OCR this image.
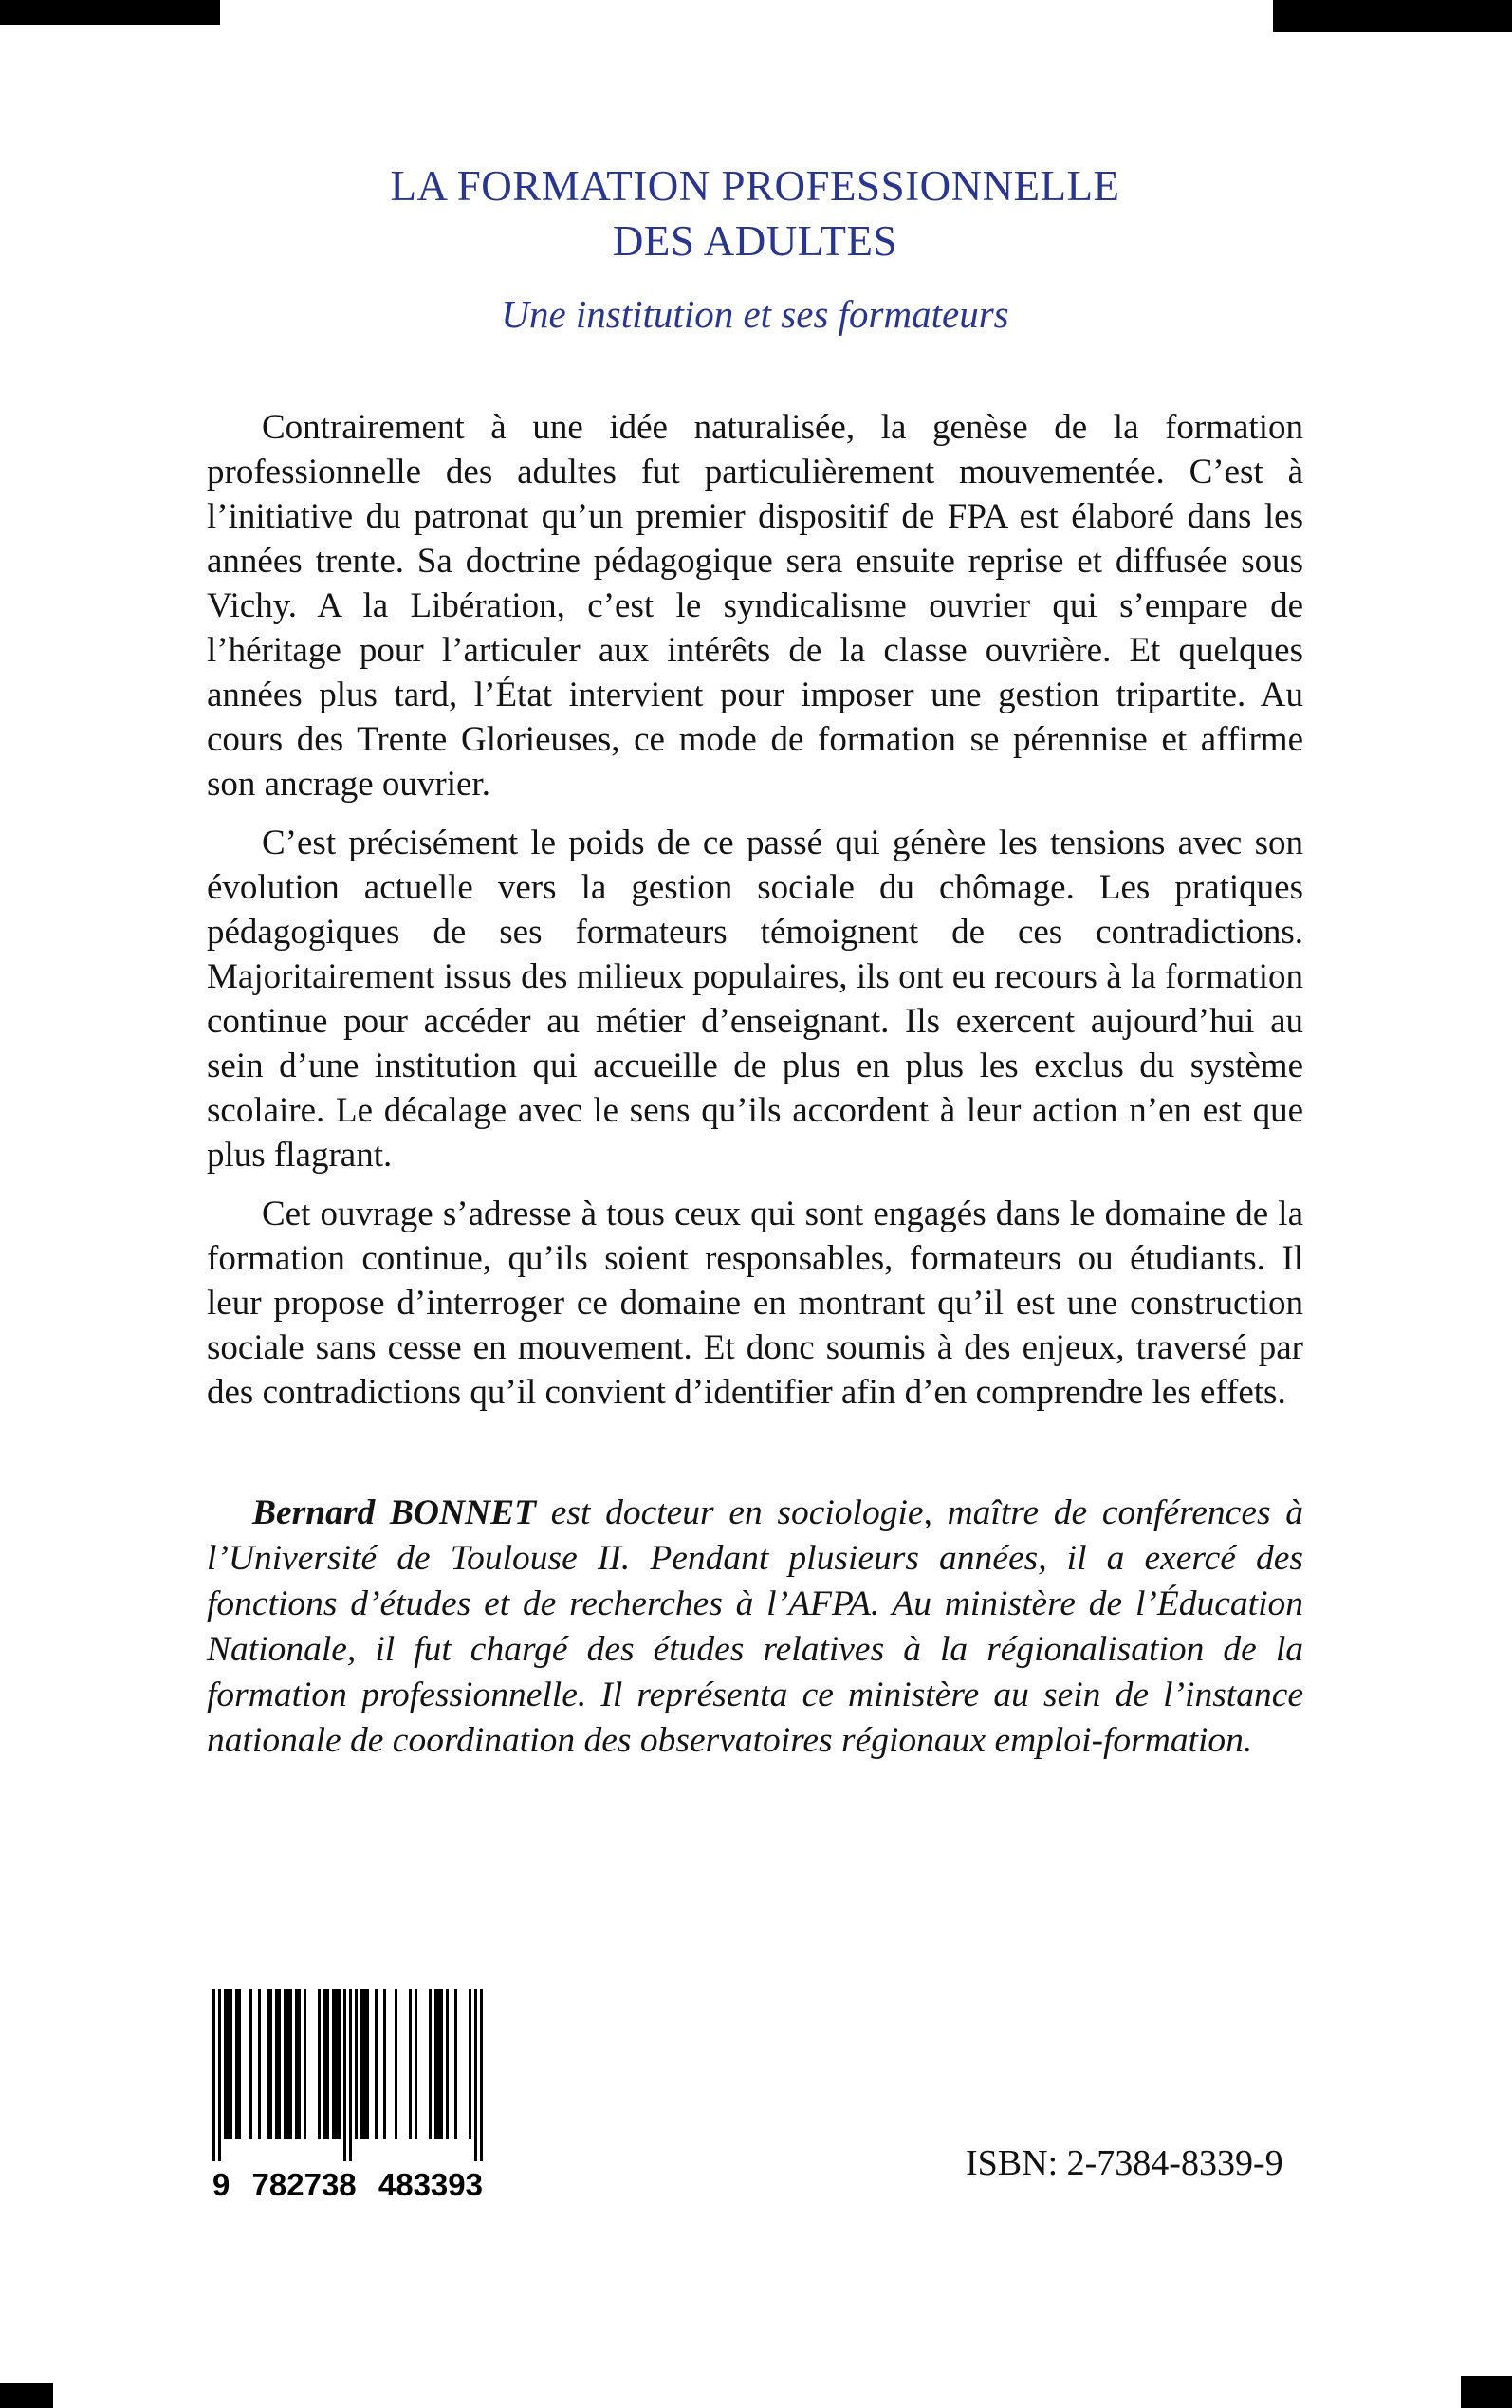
LA FORMATION PROFESSIONNELLE
DES ADULTES
Une institution et ses formateurs

Contrairement à une idée naturalisée, la genèse de la formation professionnelle des adultes fut particulièrement mouvementée. C’est à l’initiative du patronat qu’un premier dispositif de FPA est élaboré dans les années trente. Sa doctrine pédagogique sera ensuite reprise et diffusée sous Vichy. A la Libération, c’est le syndicalisme ouvrier qui s’empare de l’héritage pour l’articuler aux intérêts de la classe ouvrière. Et quelques années plus tard, l’État intervient pour imposer une gestion tripartite. Au cours des Trente Glorieuses, ce mode de formation se pérennise et affirme son ancrage ouvrier.

C’est précisément le poids de ce passé qui génère les tensions avec son évolution actuelle vers la gestion sociale du chômage. Les pratiques pédagogiques de ses formateurs témoignent de ces contradictions. Majoritairement issus des milieux populaires, ils ont eu recours à la formation continue pour accéder au métier d’enseignant. Ils exercent aujourd’hui au sein d’une institution qui accueille de plus en plus les exclus du système scolaire. Le décalage avec le sens qu’ils accordent à leur action n’en est que plus flagrant.

Cet ouvrage s’adresse à tous ceux qui sont engagés dans le domaine de la formation continue, qu’ils soient responsables, formateurs ou étudiants. Il leur propose d’interroger ce domaine en montrant qu’il est une construction sociale sans cesse en mouvement. Et donc soumis à des enjeux, traversé par des contradictions qu’il convient d’identifier afin d’en comprendre les effets.

Bernard BONNET est docteur en sociologie, maître de conférences à l’Université de Toulouse II. Pendant plusieurs années, il a exercé des fonctions d’études et de recherches à l’AFPA. Au ministère de l’Éducation Nationale, il fut chargé des études relatives à la régionalisation de la formation professionnelle. Il représenta ce ministère au sein de l’instance nationale de coordination des observatoires régionaux emploi-formation.
9 782738 483393
ISBN: 2-7384-8339-9
